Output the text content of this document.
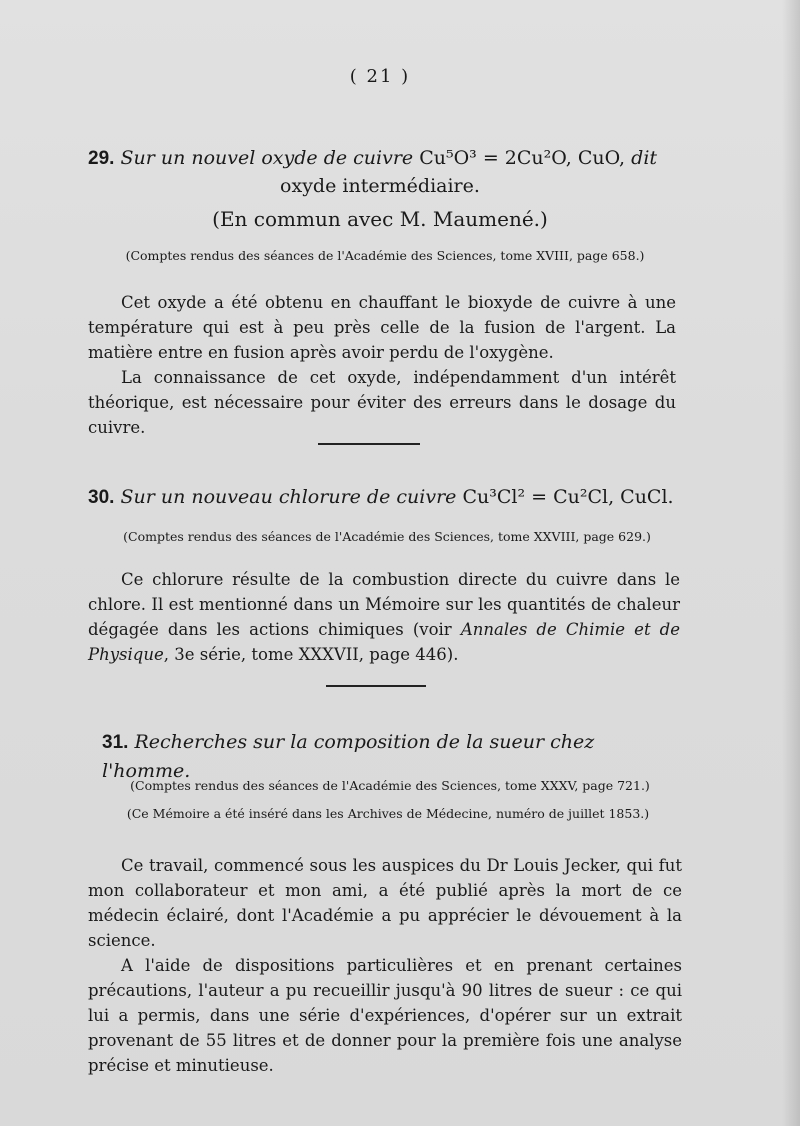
( 21 )
29. Sur un nouvel oxyde de cuivre Cu⁵O³ = 2Cu²O, CuO, dit
oxyde intermédiaire.
(En commun avec M. Maumené.)
(Comptes rendus des séances de l'Académie des Sciences, tome XVIII, page 658.)

Cet oxyde a été obtenu en chauffant le bioxyde de cuivre à une température qui est à peu près celle de la fusion de l'argent. La matière entre en fusion après avoir perdu de l'oxygène.

La connaissance de cet oxyde, indépendamment d'un intérêt théorique, est nécessaire pour éviter des erreurs dans le dosage du cuivre.

30. Sur un nouveau chlorure de cuivre Cu³Cl² = Cu²Cl, CuCl.
(Comptes rendus des séances de l'Académie des Sciences, tome XXVIII, page 629.)

Ce chlorure résulte de la combustion directe du cuivre dans le chlore. Il est mentionné dans un Mémoire sur les quantités de chaleur dégagée dans les actions chimiques (voir Annales de Chimie et de Physique, 3e série, tome XXXVII, page 446).

31. Recherches sur la composition de la sueur chez l'homme.
(Comptes rendus des séances de l'Académie des Sciences, tome XXXV, page 721.)
(Ce Mémoire a été inséré dans les Archives de Médecine, numéro de juillet 1853.)

Ce travail, commencé sous les auspices du Dr Louis Jecker, qui fut mon collaborateur et mon ami, a été publié après la mort de ce médecin éclairé, dont l'Académie a pu apprécier le dévouement à la science.

A l'aide de dispositions particulières et en prenant certaines précautions, l'auteur a pu recueillir jusqu'à 90 litres de sueur : ce qui lui a permis, dans une série d'expériences, d'opérer sur un extrait provenant de 55 litres et de donner pour la première fois une analyse précise et minutieuse.
